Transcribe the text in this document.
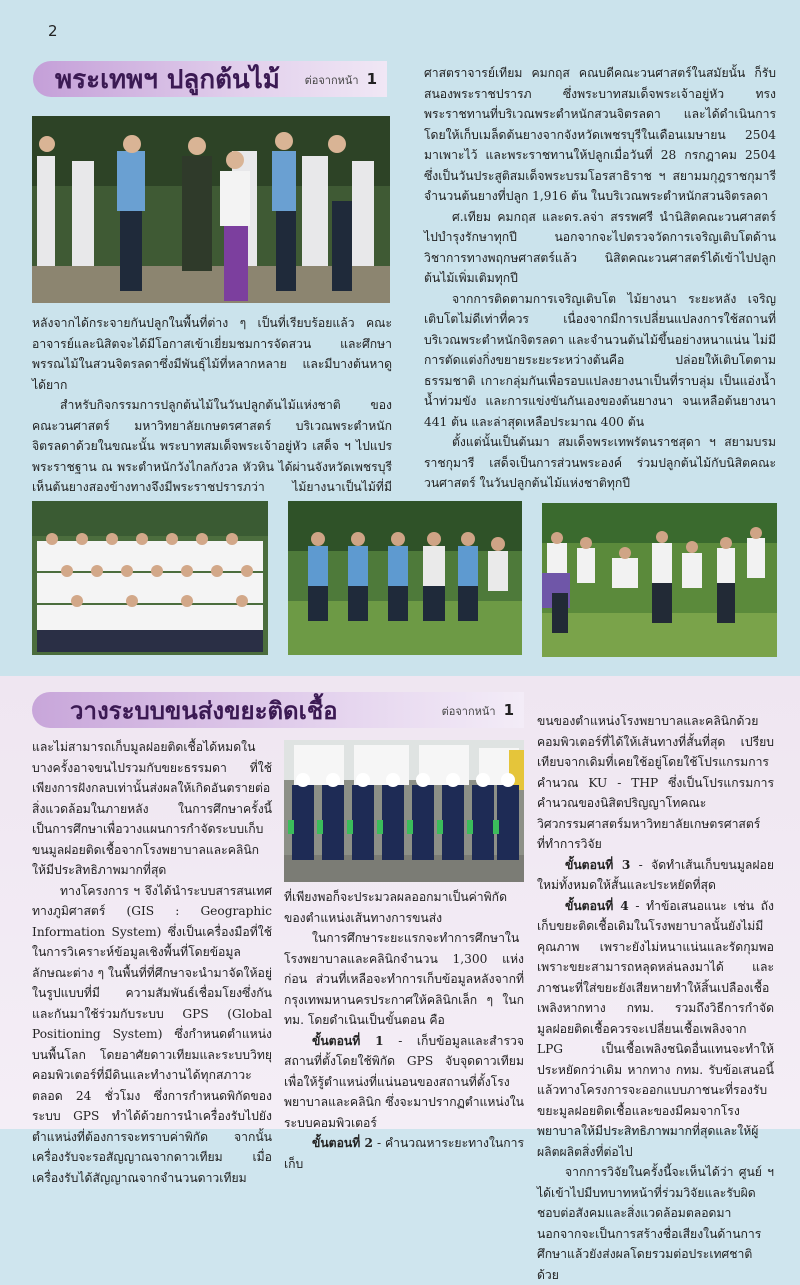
2
พระเทพฯ ปลูกต้นไม้ ต่อจากหน้า 1

หลังจากได้กระจายกันปลูกในพื้นที่ต่าง ๆ เป็นที่เรียบร้อยแล้ว คณะอาจารย์และนิสิตจะได้มีโอกาสเข้าเยี่ยมชมการจัดสวน และศึกษาพรรณไม้ในสวนจิตรลดาซึ่งมีพันธุ์ไม้ที่หลากหลาย และมีบางต้นหาดูได้ยาก

สำหรับกิจกรรมการปลูกต้นไม้ในวันปลูกต้นไม้แห่งชาติ ของคณะวนศาสตร์ มหาวิทยาลัยเกษตรศาสตร์ บริเวณพระตำหนักจิตรลดาด้วยในขณะนั้น พระบาทสมเด็จพระเจ้าอยู่หัว เสด็จ ฯ ไปแปรพระราชฐาน ณ พระตำหนักวังไกลกังวล หัวหิน ได้ผ่านจังหวัดเพชรบุรี เห็นต้นยางสองข้างทางจึงมีพระราชปรารภว่า ไม้ยางนาเป็นไม้ที่มี

ศาสตราจารย์เทียม คมกฤส คณบดีคณะวนศาสตร์ในสมัยนั้น ก็รับสนองพระราชปรารภ ซึ่งพระบาทสมเด็จพระเจ้าอยู่หัว ทรงพระราชทานที่บริเวณพระตำหนักสวนจิตรลดา และได้ดำเนินการ โดยให้เก็บเมล็ดต้นยางจากจังหวัดเพชรบุรีในเดือนเมษายน 2504 มาเพาะไว้ และพระราชทานให้ปลูกเมื่อวันที่ 28 กรกฎาคม 2504 ซึ่งเป็นวันประสูติสมเด็จพระบรมโอรสาธิราช ฯ สยามมกุฎราชกุมารี จำนวนต้นยางที่ปลูก 1,916 ต้น ในบริเวณพระตำหนักสวนจิตรลดา

ศ.เทียม คมกฤส และดร.ลจ่า สรรพศรี นำนิสิตคณะวนศาสตร์ ไปบำรุงรักษาทุกปี นอกจากจะไปตรวจวัดการเจริญเติบโตด้านวิชาการทางพฤกษศาสตร์แล้ว นิสิตคณะวนศาสตร์ได้เข้าไปปลูกต้นไม้เพิ่มเติมทุกปี

จากการติดตามการเจริญเติบโต ไม้ยางนา ระยะหลัง เจริญเติบโตไม่ดีเท่าที่ควร เนื่องจากมีการเปลี่ยนแปลงการใช้สถานที่บริเวณพระตำหนักจิตรลดา และจำนวนต้นไม้ขึ้นอย่างหนาแน่น ไม่มีการตัดแต่งกิ่งขยายระยะระหว่างต้นคือ ปล่อยให้เติบโตตามธรรมชาติ เกาะกลุ่มกันเพื่อรอบแปลงยางนาเป็นที่ราบลุ่ม เป็นแอ่งน้ำ น้ำท่วมขัง และการแข่งขันกันเองของต้นยางนา จนเหลือต้นยางนา 441 ต้น และล่าสุดเหลือประมาณ 400 ต้น

ตั้งแต่นั้นเป็นต้นมา สมเด็จพระเทพรัตนราชสุดา ฯ สยามบรมราชกุมารี เสด็จเป็นการส่วนพระองค์ ร่วมปลูกต้นไม้กับนิสิตคณะวนศาสตร์ ในวันปลูกต้นไม้แห่งชาติทุกปี

วางระบบขนส่งขยะติดเชื้อ	ต่อจากหน้า 1

และไม่สามารถเก็บมูลฝอยติดเชื้อได้หมดในบางครั้งอาจขนไปรวมกับขยะธรรมดา ที่ใช้เพียงการฝังกลบเท่านั้นส่งผลให้เกิดอันตรายต่อสิ่งแวดล้อมในภายหลัง ในการศึกษาครั้งนี้เป็นการศึกษาเพื่อวางแผนการกำจัดระบบเก็บขนมูลฝอยติดเชื้อจากโรงพยาบาลและคลินิกให้มีประสิทธิภาพมากที่สุด

ทางโครงการ ฯ จึงได้นำระบบสารสนเทศทางภูมิศาสตร์ (GIS : Geographic Information System) ซึ่งเป็นเครื่องมือที่ใช้ในการวิเคราะห์ข้อมูลเชิงพื้นที่โดยข้อมูลลักษณะต่าง ๆ ในพื้นที่ที่ศึกษาจะนำมาจัดให้อยู่ในรูปแบบที่มี ความสัมพันธ์เชื่อมโยงซึ่งกันและกันมาใช้ร่วมกับระบบ GPS (Global Positioning System) ซึ่งกำหนดตำแหน่งบนพื้นโลก โดยอาศัยดาวเทียมและระบบวิทยุคอมพิวเตอร์ที่มีดินและทำงานได้ทุกสภาวะ ตลอด 24 ชั่วโมง ซึ่งการกำหนดพิกัดของระบบ GPS ทำได้ด้วยการนำเครื่องรับไปยังตำแหน่งที่ต้องการจะทราบค่าพิกัด จากนั้นเครื่องรับจะรอสัญญาณจากดาวเทียม เมื่อเครื่องรับได้สัญญาณจากจำนวนดาวเทียม

ที่เพียงพอก็จะประมวลผลออกมาเป็นค่าพิกัดของตำแหน่งเส้นทางการขนส่ง

ในการศึกษาระยะแรกจะทำการศึกษาในโรงพยาบาลและคลินิกจำนวน 1,300 แห่งก่อน ส่วนที่เหลือจะทำการเก็บข้อมูลหลังจากที่กรุงเทพมหานครประกาศให้คลินิกเล็ก ๆ ในกทม. โดยดำเนินเป็นขั้นตอน คือ

ขั้นตอนที่ 1 - เก็บข้อมูลและสำรวจ สถานที่ตั้งโดยใช้พิกัด GPS จับจุดดาวเทียม เพื่อให้รู้ตำแหน่งที่แน่นอนของสถานที่ตั้งโรงพยาบาลและคลินิก ซึ่งจะมาปรากฏตำแหน่งในระบบคอมพิวเตอร์

ขั้นตอนที่ 2 - คำนวณหาระยะทางในการเก็บ

ขนของตำแหน่งโรงพยาบาลและคลินิกด้วยคอมพิวเตอร์ที่ได้ให้เส้นทางที่สั้นที่สุด เปรียบเทียบจากเดิมที่เคยใช้อยู่โดยใช้โปรแกรมการคำนวณ KU - THP ซึ่งเป็นโปรแกรมการคำนวณของนิสิตปริญญาโทคณะวิศวกรรมศาสตร์มหาวิทยาลัยเกษตรศาสตร์ที่ทำการวิจัย

ขั้นตอนที่ 3 - จัดทำเส้นเก็บขนมูลฝอยใหม่ทั้งหมดให้สั้นและประหยัดที่สุด

ขั้นตอนที่ 4 - ทำข้อเสนอแนะ เช่น ถังเก็บขยะติดเชื้อเดิมในโรงพยาบาลนั้นยังไม่มีคุณภาพ เพราะยังไม่หนาแน่นและรัดกุมพอ เพราะขยะสามารถหลุดหล่นลงมาได้ และภาชนะที่ใส่ขยะยังเสียหายทำให้สิ้นเปลืองเชื้อเพลิงหากทาง กทม. รวมถึงวิธีการกำจัดมูลฝอยติดเชื้อควรจะเปลี่ยนเชื้อเพลิงจาก LPG เป็นเชื้อเพลิงชนิดอื่นแทนจะทำให้ประหยัดกว่าเดิม หากทาง กทม. รับข้อเสนอนี้แล้วทางโครงการจะออกแบบภาชนะที่รองรับขยะมูลฝอยติดเชื้อและของมีคมจากโรงพยาบาลให้มีประสิทธิภาพมากที่สุดและให้ผู้ผลิตผลิตสิ่งที่ต่อไป

จากการวิจัยในครั้งนี้จะเห็นได้ว่า ศูนย์ ฯ ได้เข้าไปมีบทบาทหน้าที่ร่วมวิจัยและรับผิดชอบต่อสังคมและสิ่งแวดล้อมตลอดมา นอกจากจะเป็นการสร้างชื่อเสียงในด้านการศึกษาแล้วยังส่งผลโดยรวมต่อประเทศชาติด้วย
